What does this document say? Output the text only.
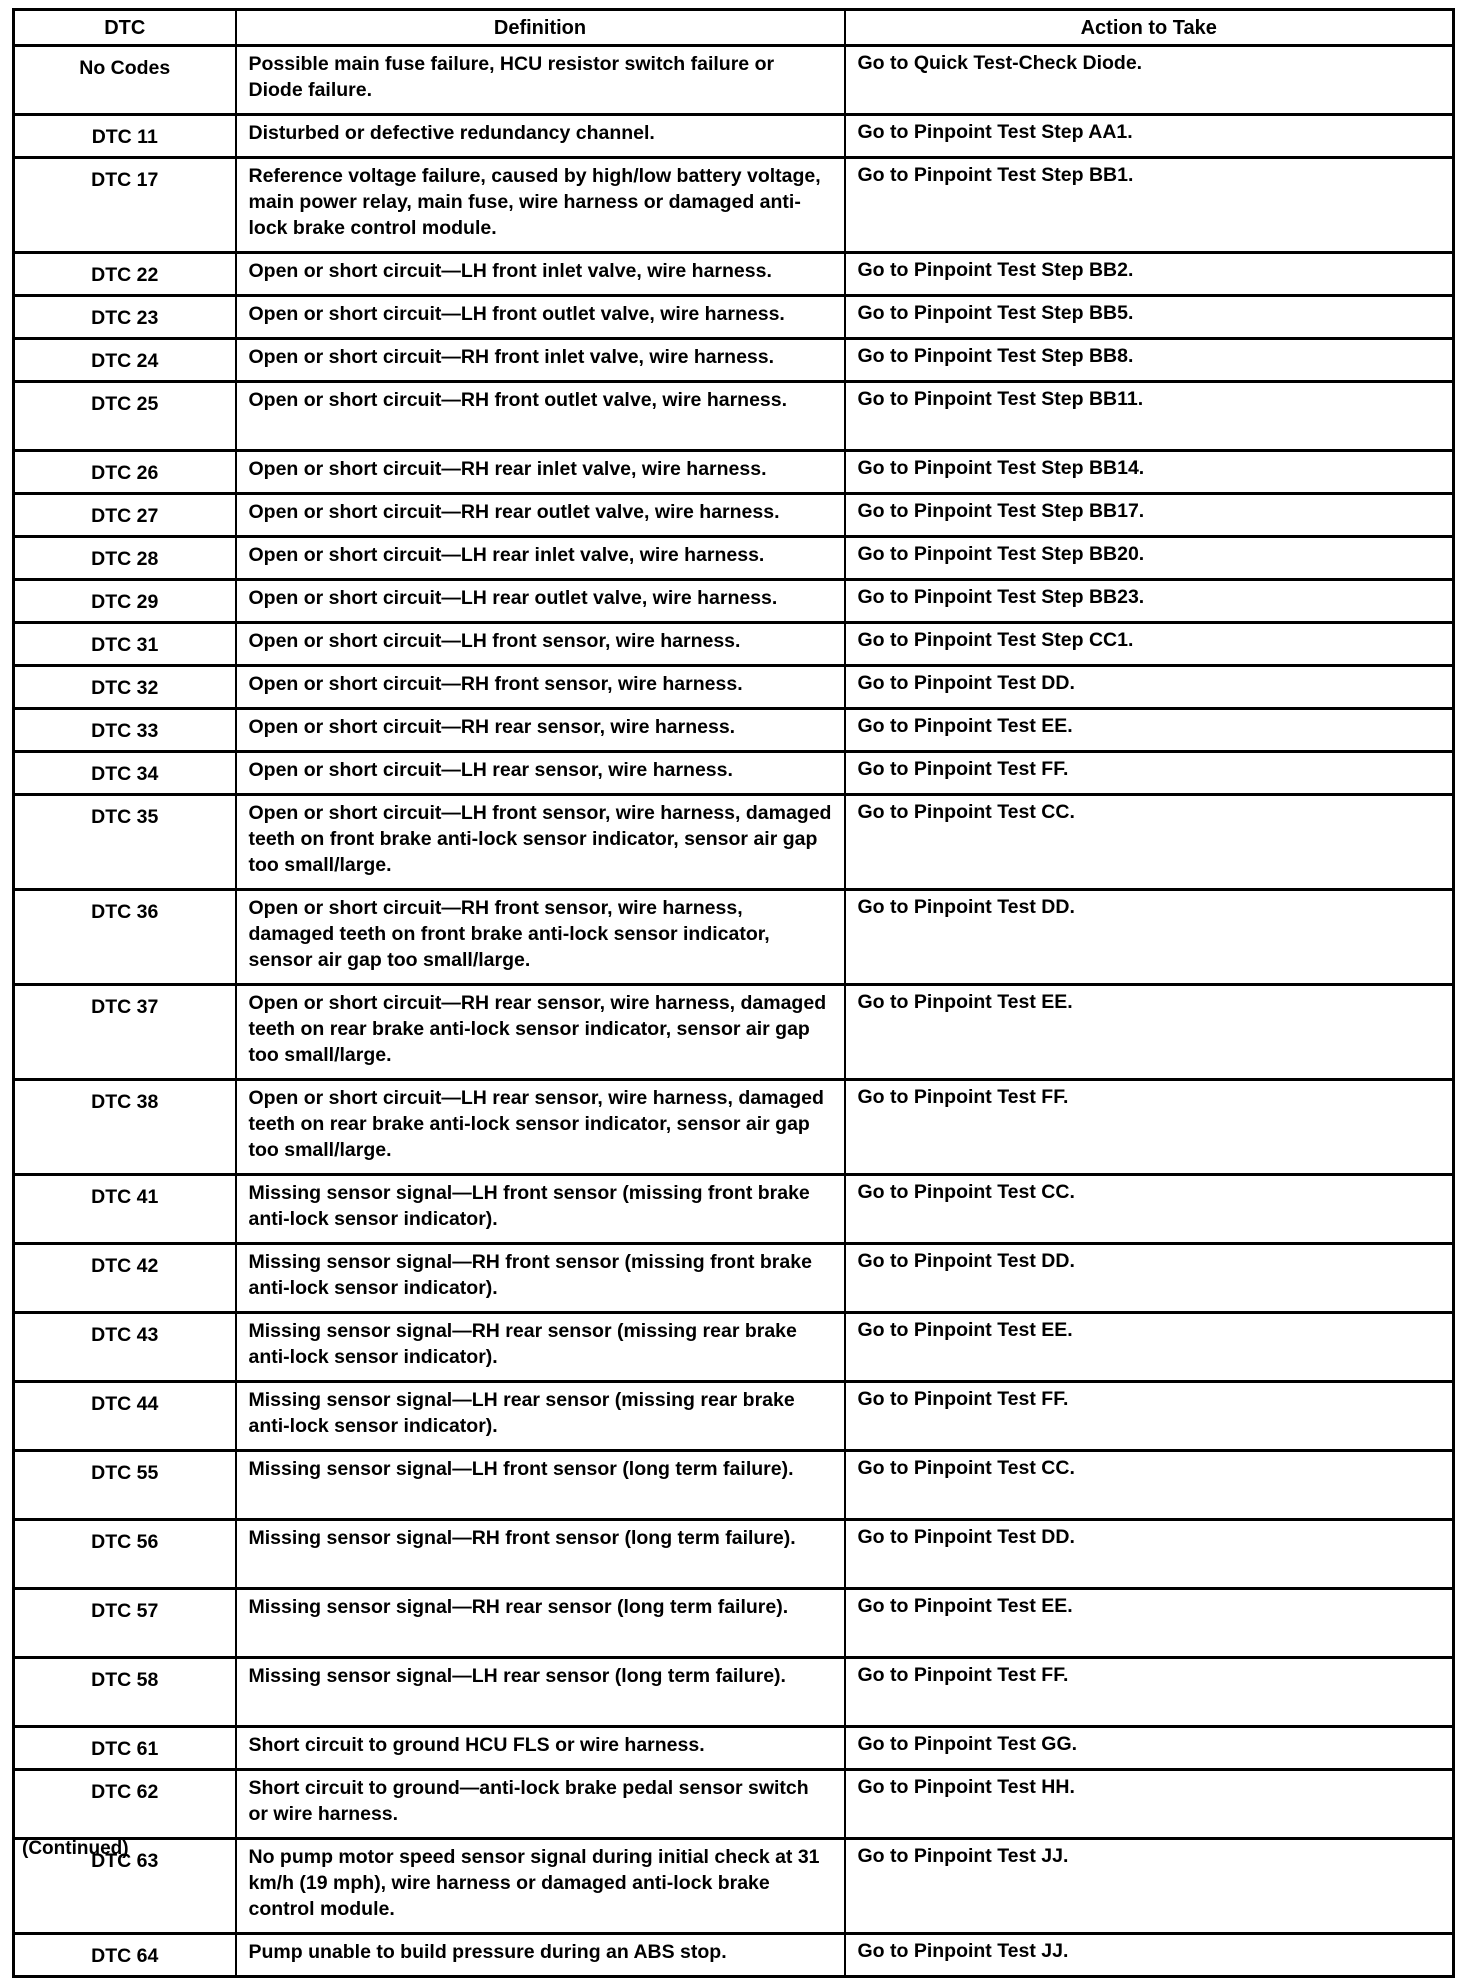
DTC	Definition	Action to Take
No Codes	Possible main fuse failure, HCU resistor switch failure or Diode failure.	Go to Quick Test-Check Diode.
DTC 11	Disturbed or defective redundancy channel.	Go to Pinpoint Test Step AA1.
DTC 17	Reference voltage failure, caused by high/low battery voltage, main power relay, main fuse, wire harness or damaged anti-lock brake control module.	Go to Pinpoint Test Step BB1.
DTC 22	Open or short circuit—LH front inlet valve, wire harness.	Go to Pinpoint Test Step BB2.
DTC 23	Open or short circuit—LH front outlet valve, wire harness.	Go to Pinpoint Test Step BB5.
DTC 24	Open or short circuit—RH front inlet valve, wire harness.	Go to Pinpoint Test Step BB8.
DTC 25	Open or short circuit—RH front outlet valve, wire harness.	Go to Pinpoint Test Step BB11.
DTC 26	Open or short circuit—RH rear inlet valve, wire harness.	Go to Pinpoint Test Step BB14.
DTC 27	Open or short circuit—RH rear outlet valve, wire harness.	Go to Pinpoint Test Step BB17.
DTC 28	Open or short circuit—LH rear inlet valve, wire harness.	Go to Pinpoint Test Step BB20.
DTC 29	Open or short circuit—LH rear outlet valve, wire harness.	Go to Pinpoint Test Step BB23.
DTC 31	Open or short circuit—LH front sensor, wire harness.	Go to Pinpoint Test Step CC1.
DTC 32	Open or short circuit—RH front sensor, wire harness.	Go to Pinpoint Test DD.
DTC 33	Open or short circuit—RH rear sensor, wire harness.	Go to Pinpoint Test EE.
DTC 34	Open or short circuit—LH rear sensor, wire harness.	Go to Pinpoint Test FF.
DTC 35	Open or short circuit—LH front sensor, wire harness, damaged teeth on front brake anti-lock sensor indicator, sensor air gap too small/large.	Go to Pinpoint Test CC.
DTC 36	Open or short circuit—RH front sensor, wire harness, damaged teeth on front brake anti-lock sensor indicator, sensor air gap too small/large.	Go to Pinpoint Test DD.
DTC 37	Open or short circuit—RH rear sensor, wire harness, damaged teeth on rear brake anti-lock sensor indicator, sensor air gap too small/large.	Go to Pinpoint Test EE.
DTC 38	Open or short circuit—LH rear sensor, wire harness, damaged teeth on rear brake anti-lock sensor indicator, sensor air gap too small/large.	Go to Pinpoint Test FF.
DTC 41	Missing sensor signal—LH front sensor (missing front brake anti-lock sensor indicator).	Go to Pinpoint Test CC.
DTC 42	Missing sensor signal—RH front sensor (missing front brake anti-lock sensor indicator).	Go to Pinpoint Test DD.
DTC 43	Missing sensor signal—RH rear sensor (missing rear brake anti-lock sensor indicator).	Go to Pinpoint Test EE.
DTC 44	Missing sensor signal—LH rear sensor (missing rear brake anti-lock sensor indicator).	Go to Pinpoint Test FF.
DTC 55	Missing sensor signal—LH front sensor (long term failure).	Go to Pinpoint Test CC.
DTC 56	Missing sensor signal—RH front sensor (long term failure).	Go to Pinpoint Test DD.
DTC 57	Missing sensor signal—RH rear sensor (long term failure).	Go to Pinpoint Test EE.
DTC 58	Missing sensor signal—LH rear sensor (long term failure).	Go to Pinpoint Test FF.
DTC 61	Short circuit to ground HCU FLS or wire harness.	Go to Pinpoint Test GG.
DTC 62	Short circuit to ground—anti-lock brake pedal sensor switch or wire harness.	Go to Pinpoint Test HH.
DTC 63	No pump motor speed sensor signal during initial check at 31 km/h (19 mph), wire harness or damaged anti-lock brake control module.	Go to Pinpoint Test JJ.
DTC 64	Pump unable to build pressure during an ABS stop.	Go to Pinpoint Test JJ.
(Continued)
